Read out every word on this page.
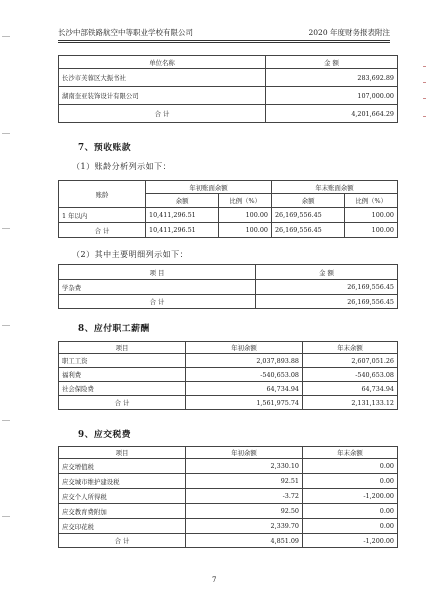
长沙中部铁路航空中等职业学校有限公司	2020 年度财务报表附注
单位名称	金 额
长沙市芙蓉区大振书社	283,692.89
湖南奎亚装饰设计有限公司	107,000.00
合 计	4,201,664.29
7、预收账款
（1）账龄分析列示如下：
账龄	年初账面余额		年末账面余额	
	余额	比例（%）	余额	比例（%）
1 年以内	10,411,296.51	100.00	26,169,556.45	100.00
合 计	10,411,296.51	100.00	26,169,556.45	100.00
（2）其中主要明细列示如下：
项 目	金 额
学杂费	26,169,556.45
合 计	26,169,556.45
8、应付职工薪酬
项目	年初余额	年末余额
职工工资	2,037,893.88	2,607,051.26
福利费	-540,653.08	-540,653.08
社会保险费	64,734.94	64,734.94
合 计	1,561,975.74	2,131,133.12
9、应交税费
项目	年初余额	年末余额
应交增值税	2,330.10	0.00
应交城市维护建设税	92.51	0.00
应交个人所得税	-3.72	-1,200.00
应交教育费附加	92.50	0.00
应交印花税	2,339.70	0.00
合 计	4,851.09	-1,200.00
7
